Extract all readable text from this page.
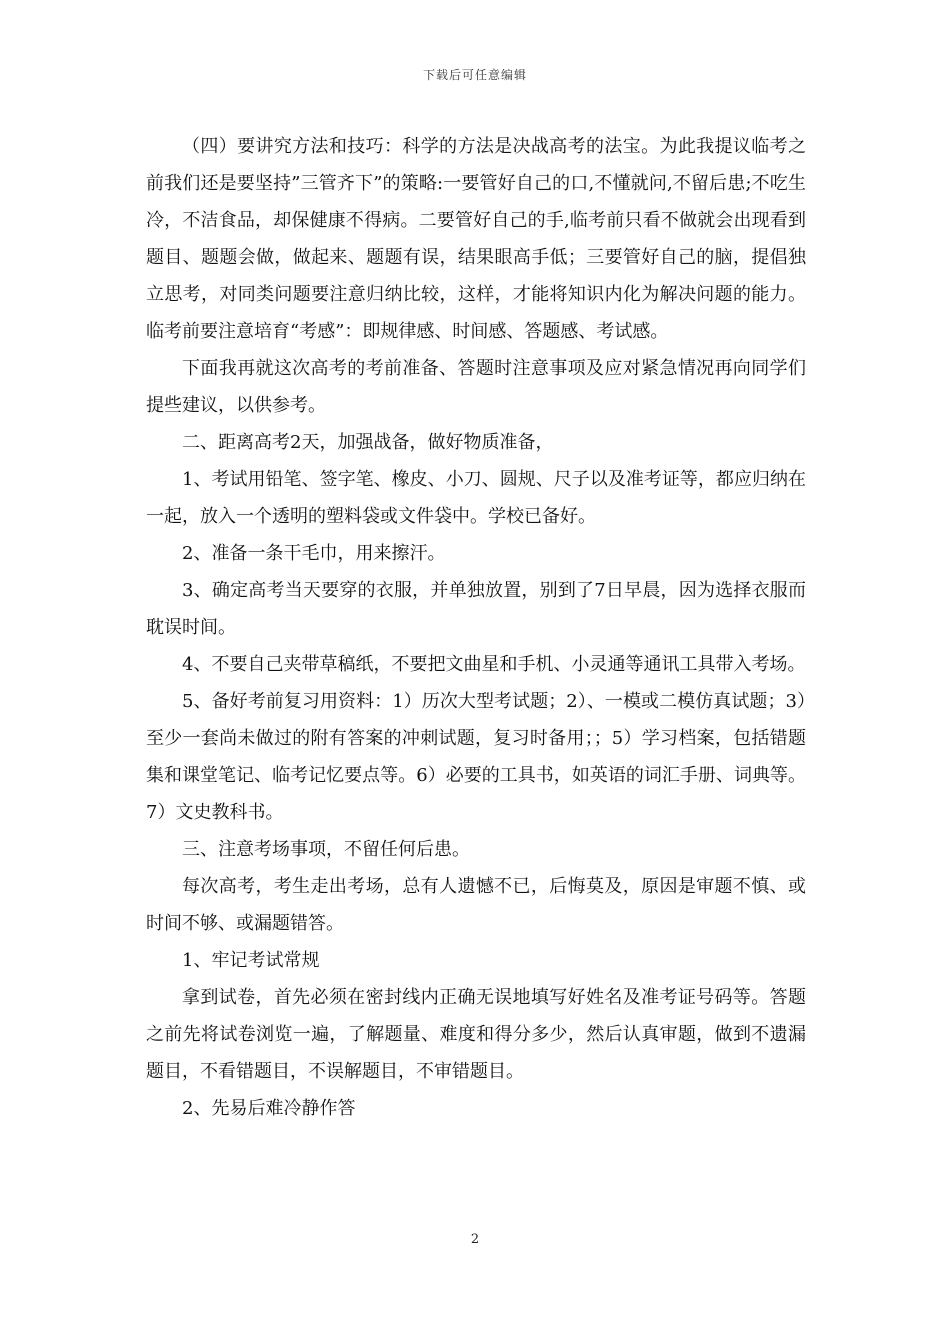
下载后可任意编辑

（四）要讲究方法和技巧：科学的方法是决战高考的法宝。为此我提议临考之前我们还是要坚持”三管齐下”的策略:一要管好自己的口,不懂就问,不留后患;不吃生冷，不洁食品，却保健康不得病。二要管好自己的手,临考前只看不做就会出现看到题目、题题会做，做起来、题题有误，结果眼高手低；三要管好自己的脑，提倡独立思考，对同类问题要注意归纳比较，这样，才能将知识内化为解决问题的能力。临考前要注意培育“考感”：即规律感、时间感、答题感、考试感。

下面我再就这次高考的考前准备、答题时注意事项及应对紧急情况再向同学们提些建议，以供参考。

二、距离高考2天，加强战备，做好物质准备，

1、考试用铅笔、签字笔、橡皮、小刀、圆规、尺子以及准考证等，都应归纳在一起，放入一个透明的塑料袋或文件袋中。学校已备好。

2、准备一条干毛巾，用来擦汗。

3、确定高考当天要穿的衣服，并单独放置，别到了7日早晨，因为选择衣服而耽误时间。

4、不要自己夹带草稿纸，不要把文曲星和手机、小灵通等通讯工具带入考场。

5、备好考前复习用资料：1）历次大型考试题；2）、一模或二模仿真试题；3）至少一套尚未做过的附有答案的冲刺试题，复习时备用；；5）学习档案，包括错题集和课堂笔记、临考记忆要点等。6）必要的工具书，如英语的词汇手册、词典等。7）文史教科书。

三、注意考场事项，不留任何后患。

每次高考，考生走出考场，总有人遗憾不已，后悔莫及，原因是审题不慎、或时间不够、或漏题错答。

1、牢记考试常规

拿到试卷，首先必须在密封线内正确无误地填写好姓名及准考证号码等。答题之前先将试卷浏览一遍，了解题量、难度和得分多少，然后认真审题，做到不遗漏题目，不看错题目，不误解题目，不审错题目。

2、先易后难冷静作答

2
